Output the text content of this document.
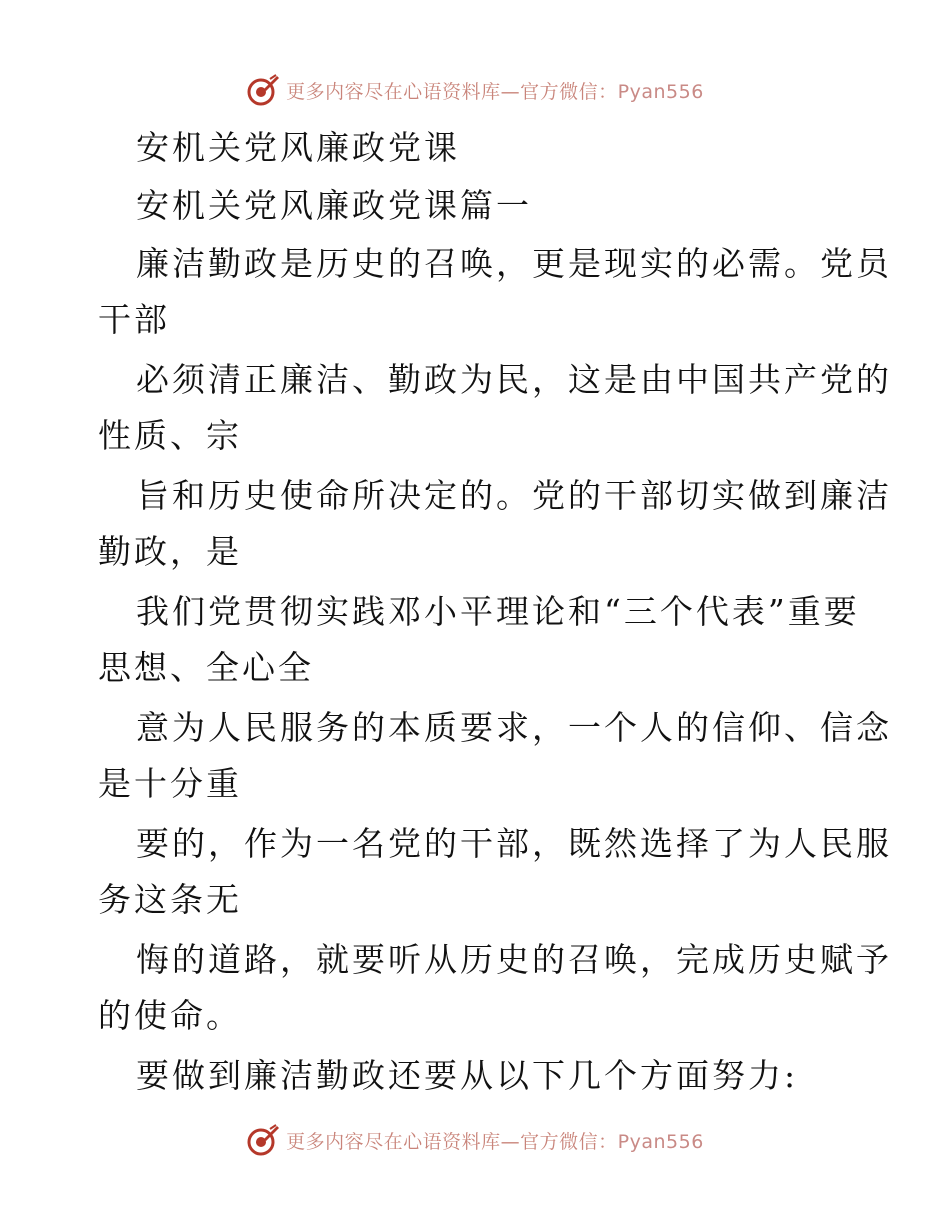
更多内容尽在心语资料库—官方微信：Pyan556
安机关党风廉政党课
安机关党风廉政党课篇一
廉洁勤政是历史的召唤，更是现实的必需。党员
干部
必须清正廉洁、勤政为民，这是由中国共产党的
性质、宗
旨和历史使命所决定的。党的干部切实做到廉洁
勤政，是
我们党贯彻实践邓小平理论和“三个代表”重要
思想、全心全
意为人民服务的本质要求，一个人的信仰、信念
是十分重
要的，作为一名党的干部，既然选择了为人民服
务这条无
悔的道路，就要听从历史的召唤，完成历史赋予
的使命。
要做到廉洁勤政还要从以下几个方面努力:
更多内容尽在心语资料库—官方微信：Pyan556
